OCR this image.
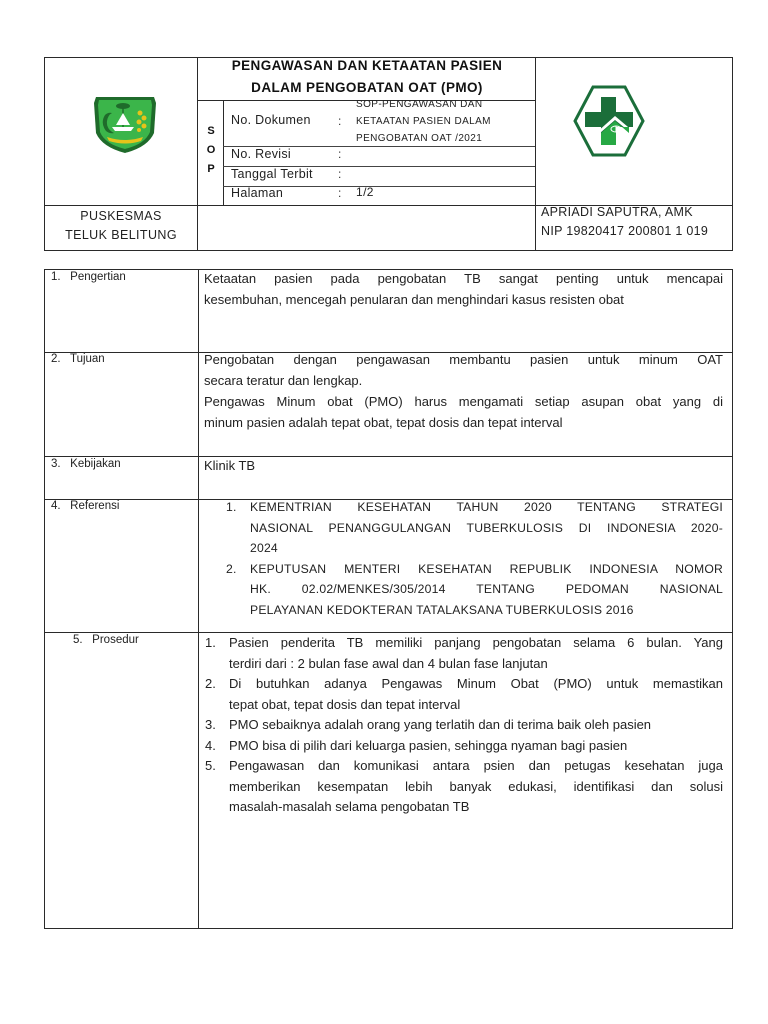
PENGAWASAN DAN KETAATAN PASIEN
DALAM PENGOBATAN OAT (PMO)
S
O
P
No. Dokumen :
SOP-PENGAWASAN DAN
KETAATAN PASIEN DALAM
PENGOBATAN OAT /2021
No. Revisi	:
Tanggal Terbit :
Halaman	: 1/2
PUSKESMAS
TELUK BELITUNG
APRIADI SAPUTRA, AMK
NIP 19820417 200801 1 019
1.   Pengertian	Ketaatan pasien pada pengobatan TB sangat penting untuk mencapai
kesembuhan, mencegah penularan dan menghindari kasus resisten obat
2.   Tujuan	Pengobatan dengan pengawasan membantu pasien untuk minum OAT
secara teratur dan lengkap.
Pengawas Minum obat (PMO) harus mengamati setiap asupan obat yang di
minum pasien adalah tepat obat, tepat dosis dan tepat interval
3.   Kebijakan	Klinik TB
4.   Referensi	1. KEMENTRIAN KESEHATAN TAHUN 2020 TENTANG STRATEGI
NASIONAL PENANGGULANGAN TUBERKULOSIS DI INDONESIA 2020-
2024
2. KEPUTUSAN MENTERI KESEHATAN REPUBLIK INDONESIA NOMOR
HK. 02.02/MENKES/305/2014 TENTANG PEDOMAN NASIONAL
PELAYANAN KEDOKTERAN TATALAKSANA TUBERKULOSIS 2016
5.   Prosedur	1. Pasien penderita TB memiliki panjang pengobatan selama 6 bulan. Yang
terdiri dari : 2 bulan fase awal dan 4 bulan fase lanjutan
2. Di butuhkan adanya Pengawas Minum Obat (PMO) untuk memastikan
tepat obat, tepat dosis dan tepat interval
3. PMO sebaiknya adalah orang yang terlatih dan di terima baik oleh pasien
4. PMO bisa di pilih dari keluarga pasien, sehingga nyaman bagi pasien
5. Pengawasan dan komunikasi antara psien dan petugas kesehatan juga
memberikan kesempatan lebih banyak edukasi, identifikasi dan solusi
masalah-masalah selama pengobatan TB
